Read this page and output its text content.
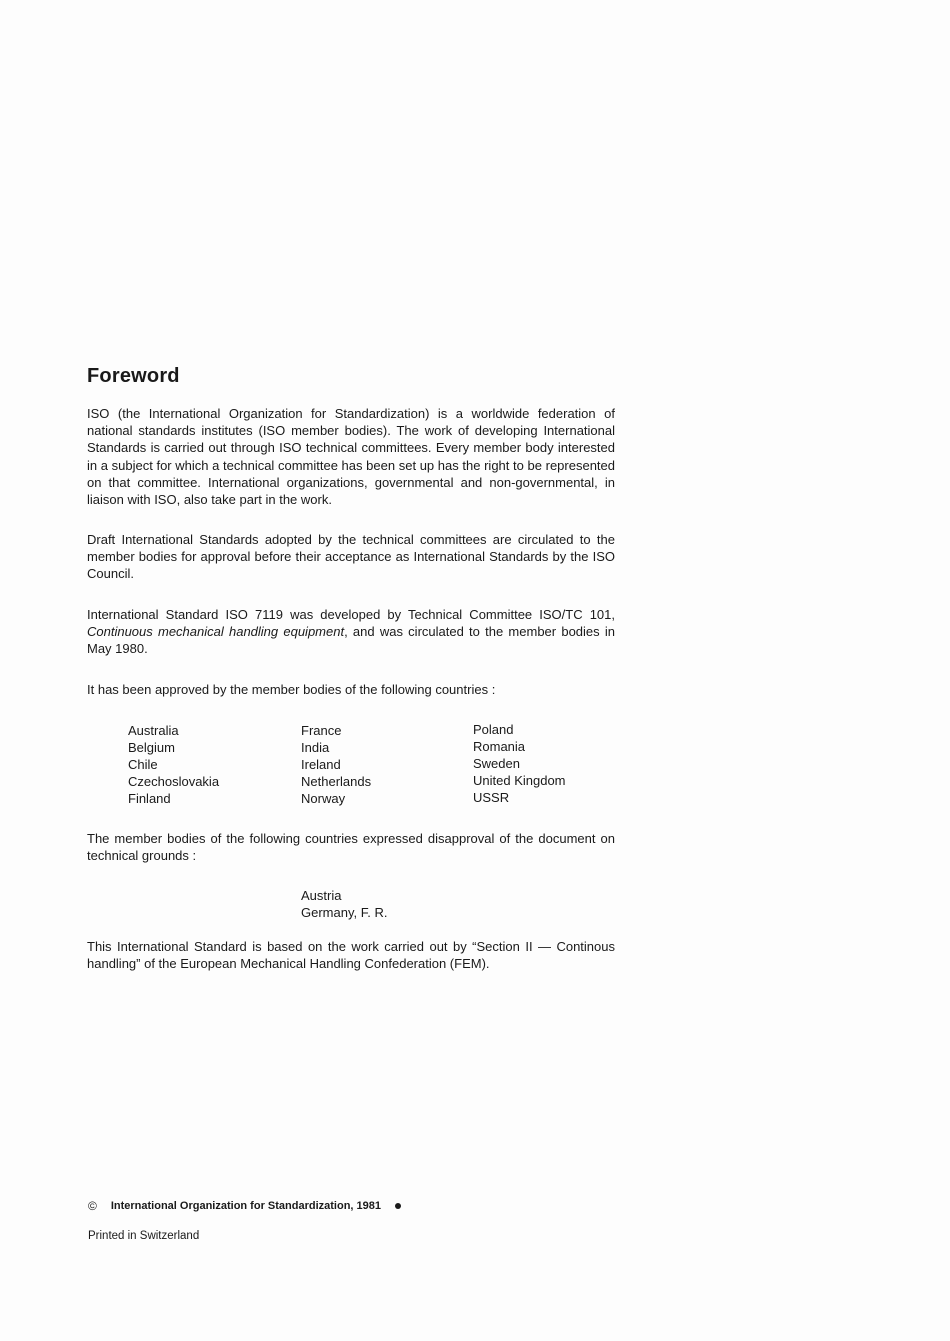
Foreword

ISO (the International Organization for Standardization) is a worldwide federation of national standards institutes (ISO member bodies). The work of developing International Standards is carried out through ISO technical committees. Every member body interested in a subject for which a technical committee has been set up has the right to be represented on that committee. International organizations, governmental and non-governmental, in liaison with ISO, also take part in the work.

Draft International Standards adopted by the technical committees are circulated to the member bodies for approval before their acceptance as International Standards by the ISO Council.

International Standard ISO 7119 was developed by Technical Committee ISO/TC 101, Continuous mechanical handling equipment, and was circulated to the member bodies in May 1980.

It has been approved by the member bodies of the following countries :

Australia
Belgium
Chile
Czechoslovakia
Finland
France
India
Ireland
Netherlands
Norway
Poland
Romania
Sweden
United Kingdom
USSR

The member bodies of the following countries expressed disapproval of the document on technical grounds :

Austria
Germany, F. R.

This International Standard is based on the work carried out by “Section II — Continous handling” of the European Mechanical Handling Confederation (FEM).

© International Organization for Standardization, 1981

Printed in Switzerland
